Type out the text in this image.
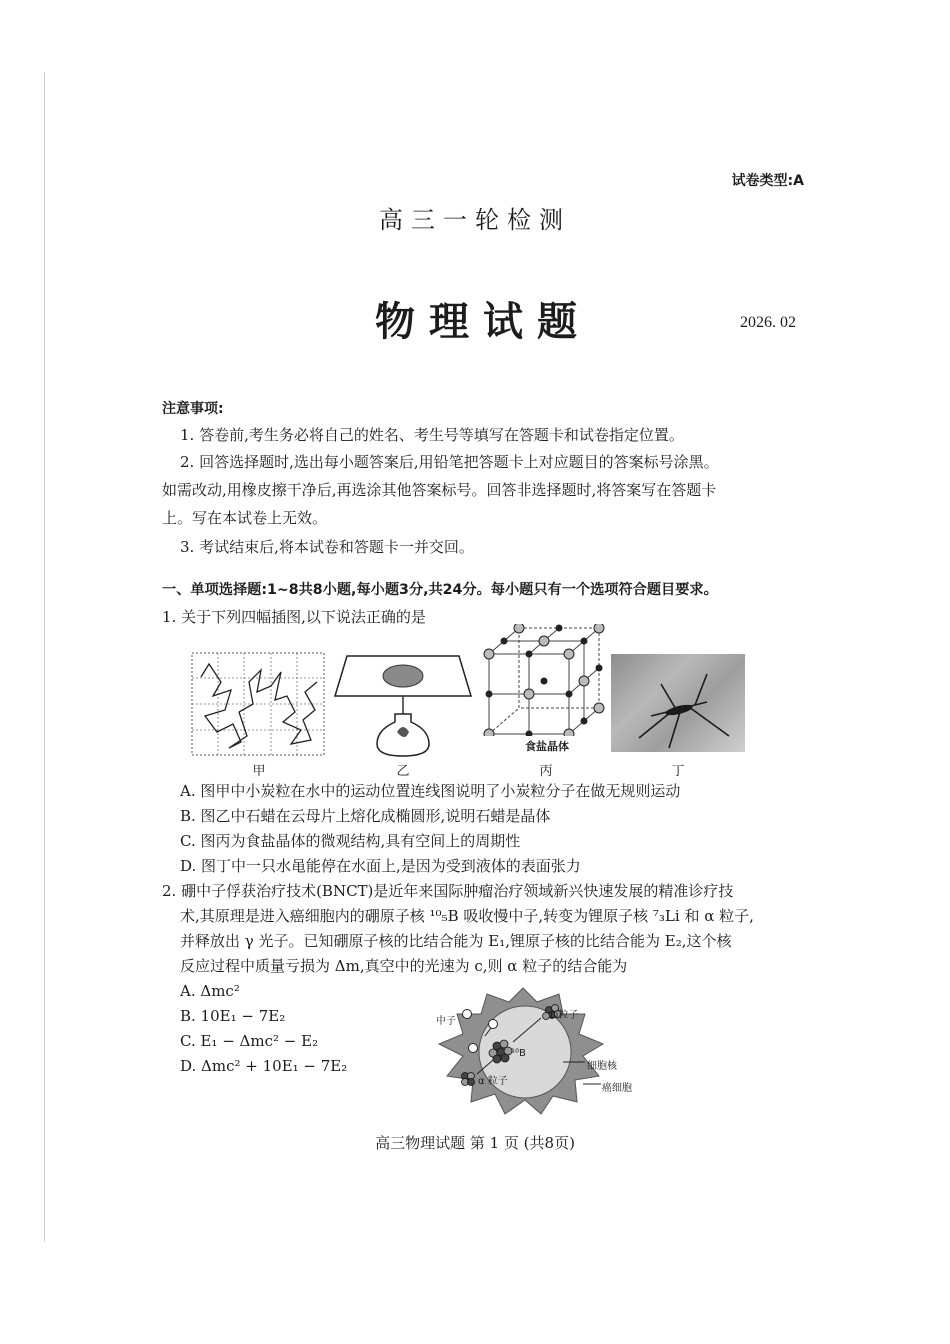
试卷类型:A
高三一轮检测
物理试题	2026. 02
注意事项:
1. 答卷前,考生务必将自己的姓名、考生号等填写在答题卡和试卷指定位置。
2. 回答选择题时,选出每小题答案后,用铅笔把答题卡上对应题目的答案标号涂黑。
如需改动,用橡皮擦干净后,再选涂其他答案标号。回答非选择题时,将答案写在答题卡
上。写在本试卷上无效。
3. 考试结束后,将本试卷和答题卡一并交回。
一、单项选择题:1~8共8小题,每小题3分,共24分。每小题只有一个选项符合题目要求。
1. 关于下列四幅插图,以下说法正确的是
甲	乙
食盐晶体
丙	丁
A. 图甲中小炭粒在水中的运动位置连线图说明了小炭粒分子在做无规则运动
B. 图乙中石蜡在云母片上熔化成椭圆形,说明石蜡是晶体
C. 图丙为食盐晶体的微观结构,具有空间上的周期性
D. 图丁中一只水黾能停在水面上,是因为受到液体的表面张力
2. 硼中子俘获治疗技术(BNCT)是近年来国际肿瘤治疗领域新兴快速发展的精准诊疗技
术,其原理是进入癌细胞内的硼原子核 ¹⁰₅B 吸收慢中子,转变为锂原子核 ⁷₃Li 和 α 粒子,
并释放出 γ 光子。已知硼原子核的比结合能为 E₁,锂原子核的比结合能为 E₂,这个核
反应过程中质量亏损为 Δm,真空中的光速为 c,则 α 粒子的结合能为
A. Δmc²
B. 10E₁ − 7E₂
C. E₁ − Δmc² − E₂
D. Δmc² + 10E₁ − 7E₂
中子
Li粒子
¹⁰B
α 粒子
细胞核
癌细胞
高三物理试题 第 1 页 (共8页)
